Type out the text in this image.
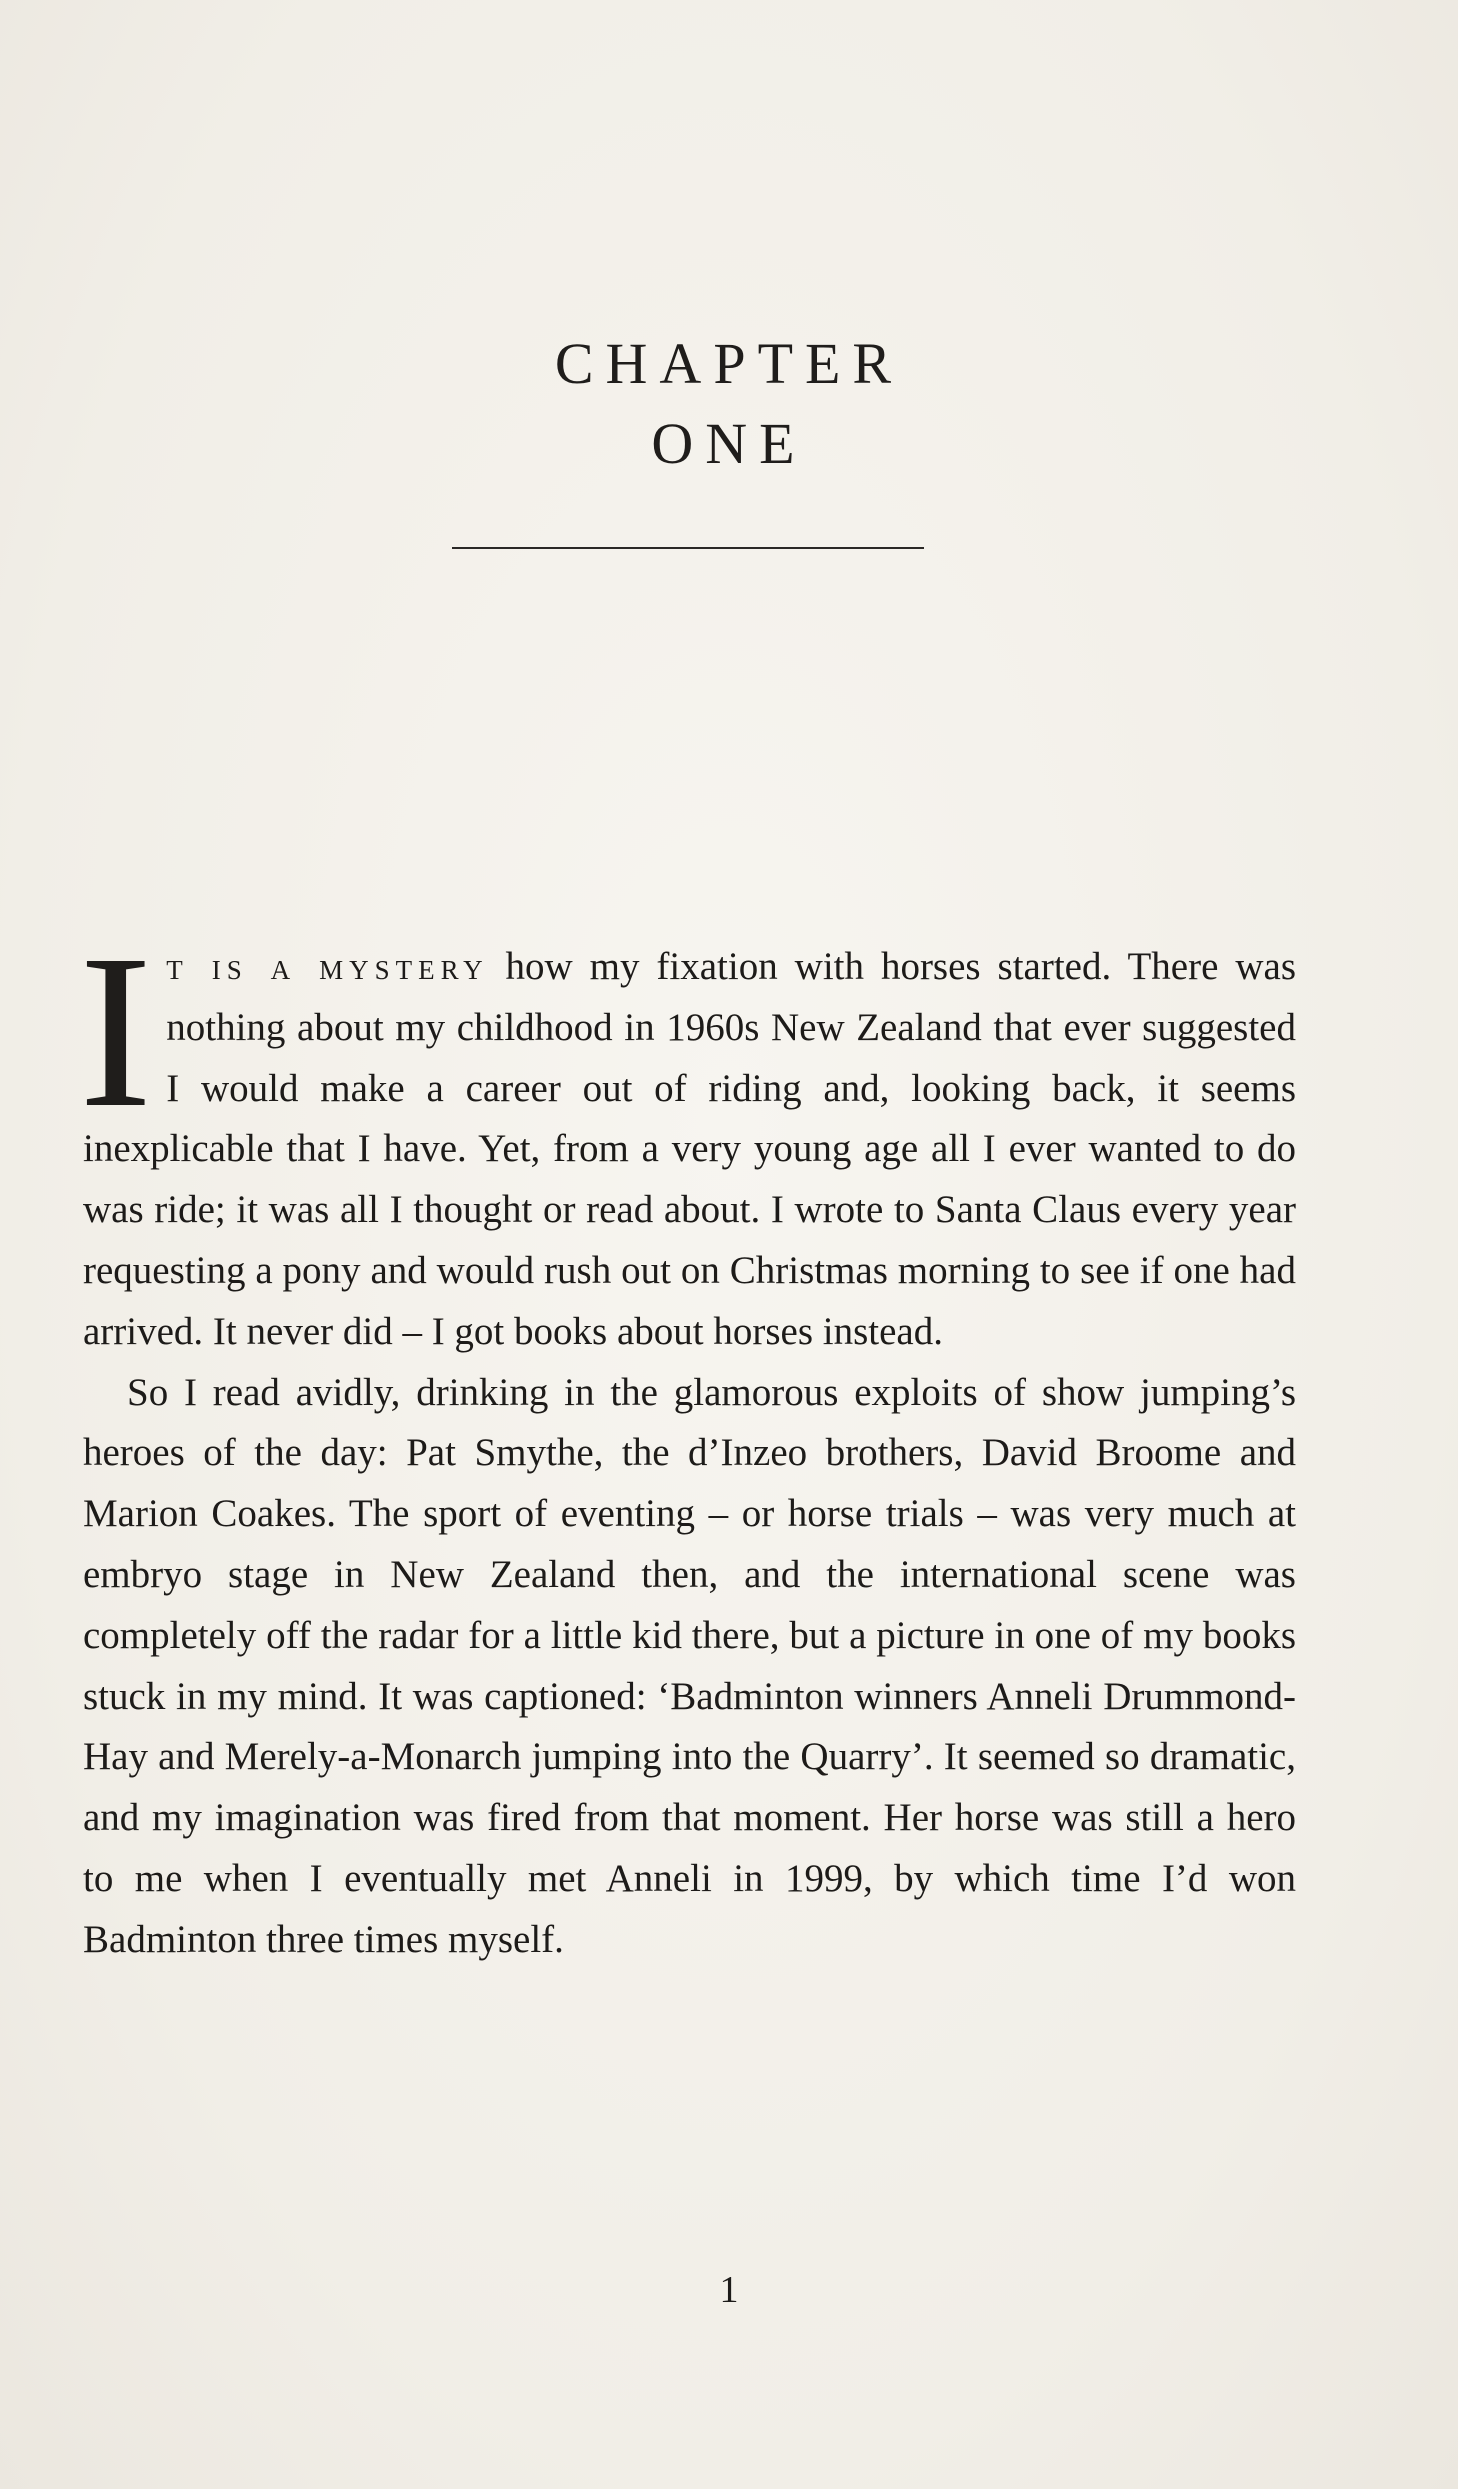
CHAPTER
ONE

It is a mystery how my fixation with horses started. There was nothing about my childhood in 1960s New Zealand that ever suggested I would make a career out of riding and, looking back, it seems inexplicable that I have. Yet, from a very young age all I ever wanted to do was ride; it was all I thought or read about. I wrote to Santa Claus every year requesting a pony and would rush out on Christmas morning to see if one had arrived. It never did – I got books about horses instead.

So I read avidly, drinking in the glamorous exploits of show jumping’s heroes of the day: Pat Smythe, the d’Inzeo brothers, David Broome and Marion Coakes. The sport of eventing – or horse trials – was very much at embryo stage in New Zealand then, and the international scene was completely off the radar for a little kid there, but a picture in one of my books stuck in my mind. It was captioned: ‘Badminton winners Anneli Drummond-Hay and Merely-a-Monarch jumping into the Quarry’. It seemed so dramatic, and my imagination was fired from that moment. Her horse was still a hero to me when I eventually met Anneli in 1999, by which time I’d won Badminton three times myself.

1
